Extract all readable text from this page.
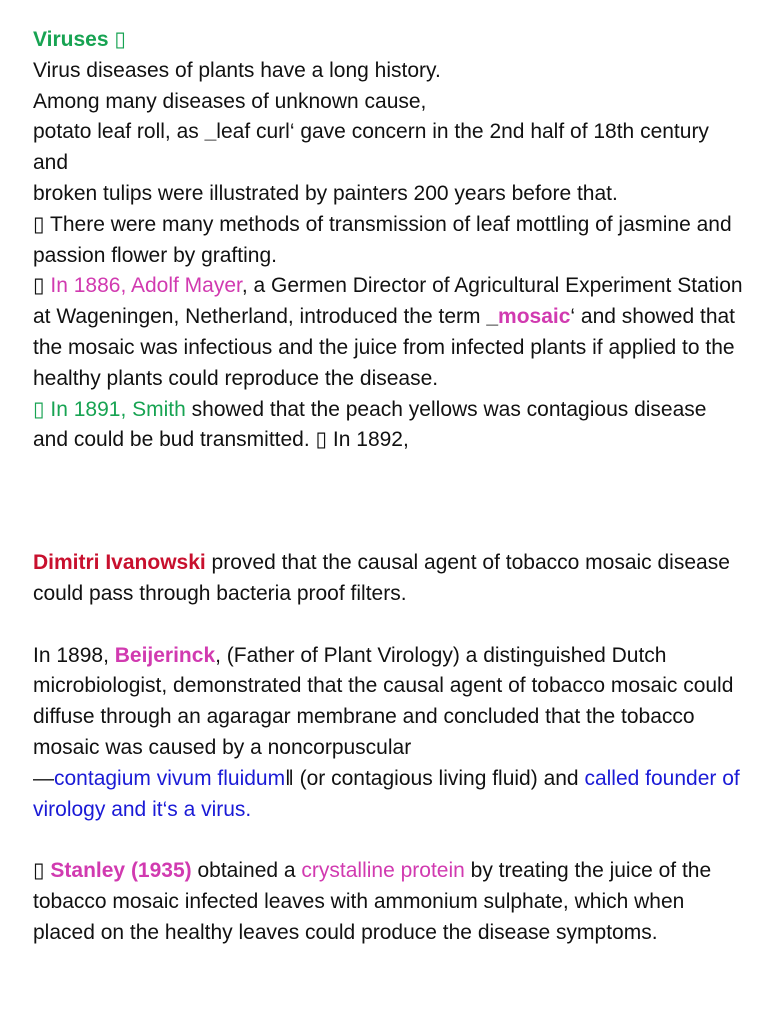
Viruses ▯
Virus diseases of plants have a long history.
Among many diseases of unknown cause,
potato leaf roll, as _leaf curl‘ gave concern in the 2nd half of 18th century and
broken tulips were illustrated by painters 200 years before that.
▯ There were many methods of transmission of leaf mottling of jasmine and passion flower by grafting.
▯ In 1886, Adolf Mayer, a Germen Director of Agricultural Experiment Station at Wageningen, Netherland, introduced the term _mosaic‘ and showed that the mosaic was infectious and the juice from infected plants if applied to the healthy plants could reproduce the disease.
▯ In 1891, Smith showed that the peach yellows was contagious disease and could be bud transmitted. ▯ In 1892,

Dimitri Ivanowski proved that the causal agent of tobacco mosaic disease could pass through bacteria proof filters.

In 1898, Beijerinck, (Father of Plant Virology) a distinguished Dutch microbiologist, demonstrated that the causal agent of tobacco mosaic could diffuse through an agaragar membrane and concluded that the tobacco mosaic was caused by a noncorpuscular
―contagium vivum fluidum‖ (or contagious living fluid) and called founder of virology and it‘s a virus.

▯ Stanley (1935) obtained a crystalline protein by treating the juice of the tobacco mosaic infected leaves with ammonium sulphate, which when placed on the healthy leaves could produce the disease symptoms.
